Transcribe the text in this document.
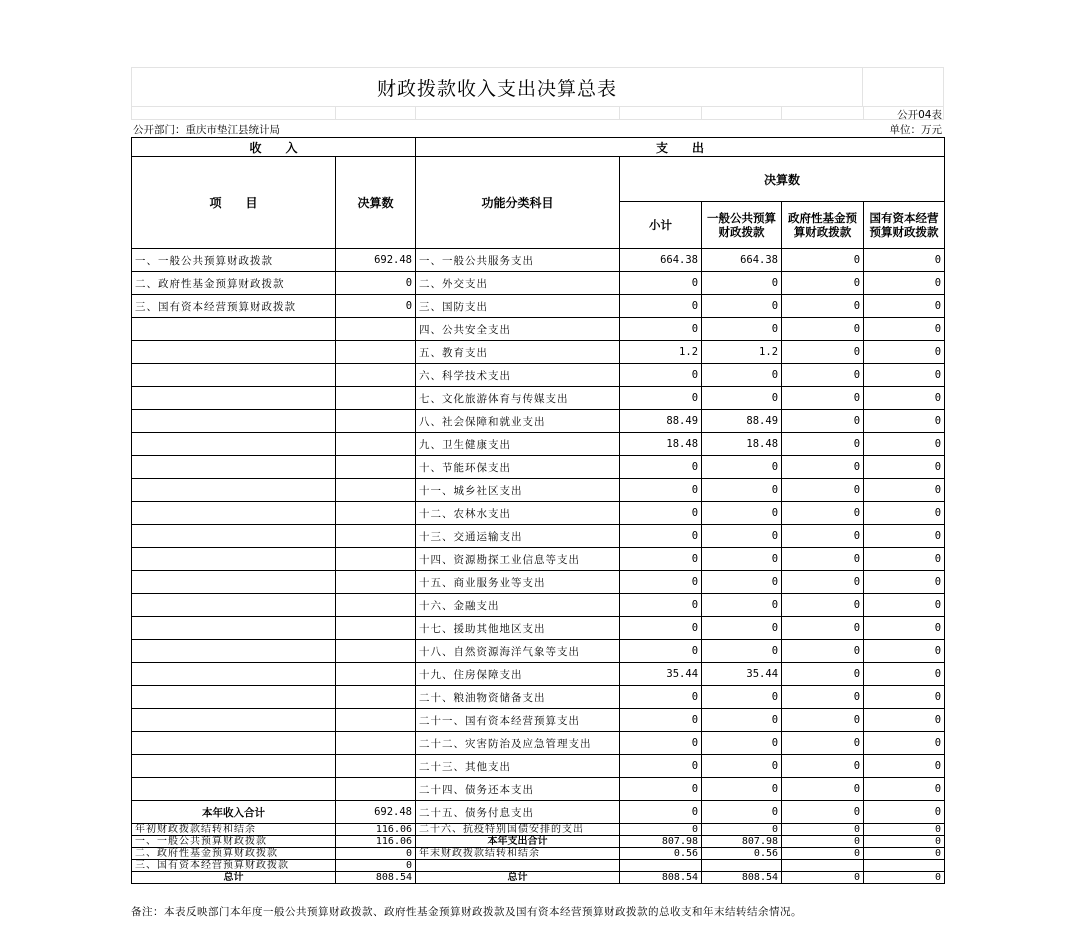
财政拨款收入支出决算总表
公开部门：重庆市垫江县统计局
公开04表
单位：万元
收　　入		支　　出				
项　　目	决算数	功能分类科目	决算数			
			小计	一般公共预算财政拨款	政府性基金预算财政拨款	国有资本经营预算财政拨款
一、一般公共预算财政拨款	692.48	一、一般公共服务支出	664.38	664.38	0	0
二、政府性基金预算财政拨款	0	二、外交支出	0	0	0	0
三、国有资本经营预算财政拨款	0	三、国防支出	0	0	0	0
		四、公共安全支出	0	0	0	0
		五、教育支出	1.2	1.2	0	0
		六、科学技术支出	0	0	0	0
		七、文化旅游体育与传媒支出	0	0	0	0
		八、社会保障和就业支出	88.49	88.49	0	0
		九、卫生健康支出	18.48	18.48	0	0
		十、节能环保支出	0	0	0	0
		十一、城乡社区支出	0	0	0	0
		十二、农林水支出	0	0	0	0
		十三、交通运输支出	0	0	0	0
		十四、资源勘探工业信息等支出	0	0	0	0
		十五、商业服务业等支出	0	0	0	0
		十六、金融支出	0	0	0	0
		十七、援助其他地区支出	0	0	0	0
		十八、自然资源海洋气象等支出	0	0	0	0
		十九、住房保障支出	35.44	35.44	0	0
		二十、粮油物资储备支出	0	0	0	0
		二十一、国有资本经营预算支出	0	0	0	0
		二十二、灾害防治及应急管理支出	0	0	0	0
		二十三、其他支出	0	0	0	0
		二十四、债务还本支出	0	0	0	0
本年收入合计	692.48	二十五、债务付息支出	0	0	0	0
年初财政拨款结转和结余	116.06	二十六、抗疫特别国债安排的支出	0	0	0	0
一、一般公共预算财政拨款	116.06	本年支出合计	807.98	807.98	0	0
二、政府性基金预算财政拨款	0	年末财政拨款结转和结余	0.56	0.56	0	0
三、国有资本经营预算财政拨款	0					
总计	808.54	总计	808.54	808.54	0	0
备注：本表反映部门本年度一般公共预算财政拨款、政府性基金预算财政拨款及国有资本经营预算财政拨款的总收支和年末结转结余情况。
